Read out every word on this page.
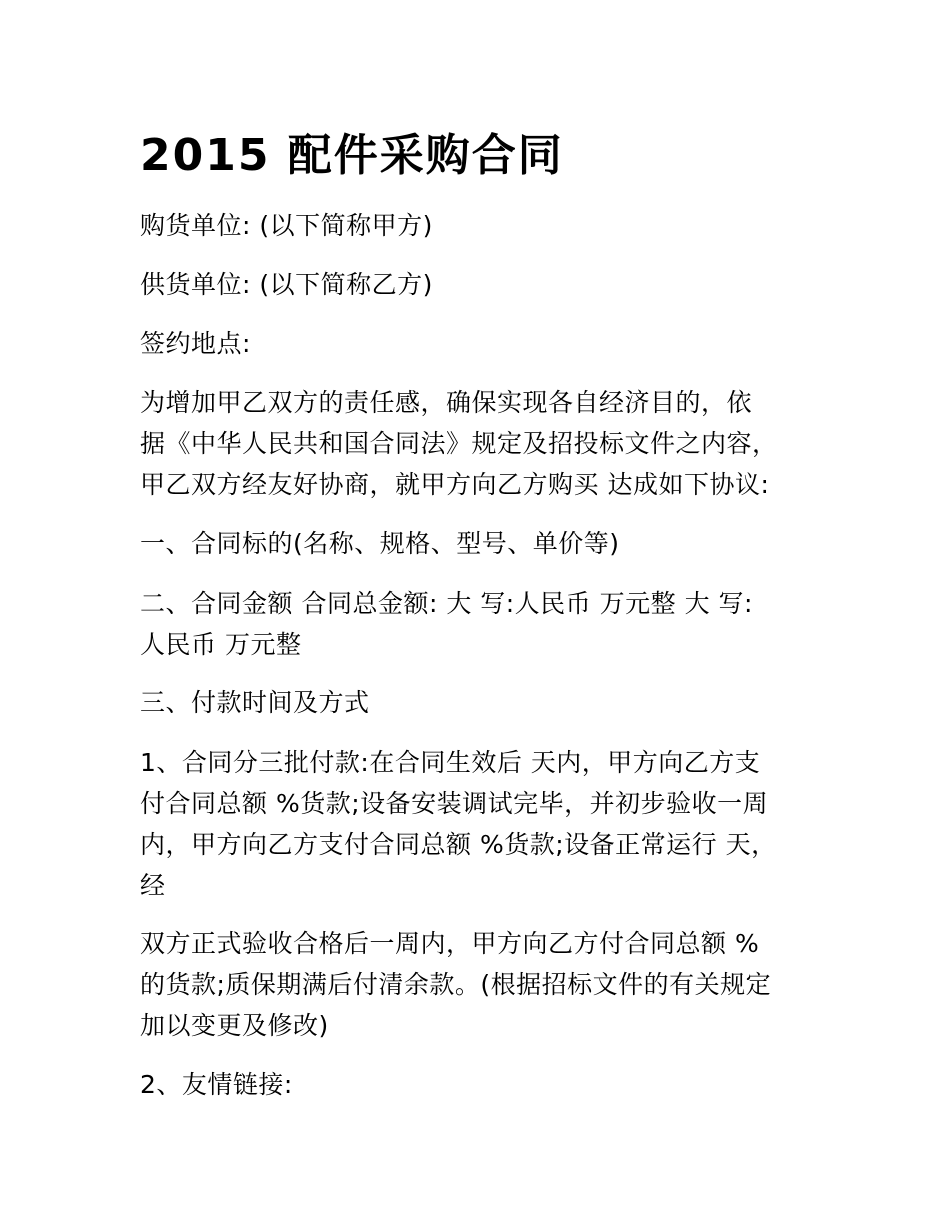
2015 配件采购合同

购货单位: (以下简称甲方)

供货单位: (以下简称乙方)

签约地点:

为增加甲乙双方的责任感，确保实现各自经济目的，依
据《中华人民共和国合同法》规定及招投标文件之内容，
甲乙双方经友好协商，就甲方向乙方购买 达成如下协议:

一、合同标的(名称、规格、型号、单价等)

二、合同金额 合同总金额: 大 写:人民币 万元整 大 写:
人民币 万元整

三、付款时间及方式

1、合同分三批付款:在合同生效后 天内，甲方向乙方支
付合同总额 %货款;设备安装调试完毕，并初步验收一周
内，甲方向乙方支付合同总额 %货款;设备正常运行 天，
经
双方正式验收合格后一周内，甲方向乙方付合同总额 %
的货款;质保期满后付清余款。(根据招标文件的有关规定
加以变更及修改)

2、友情链接:
